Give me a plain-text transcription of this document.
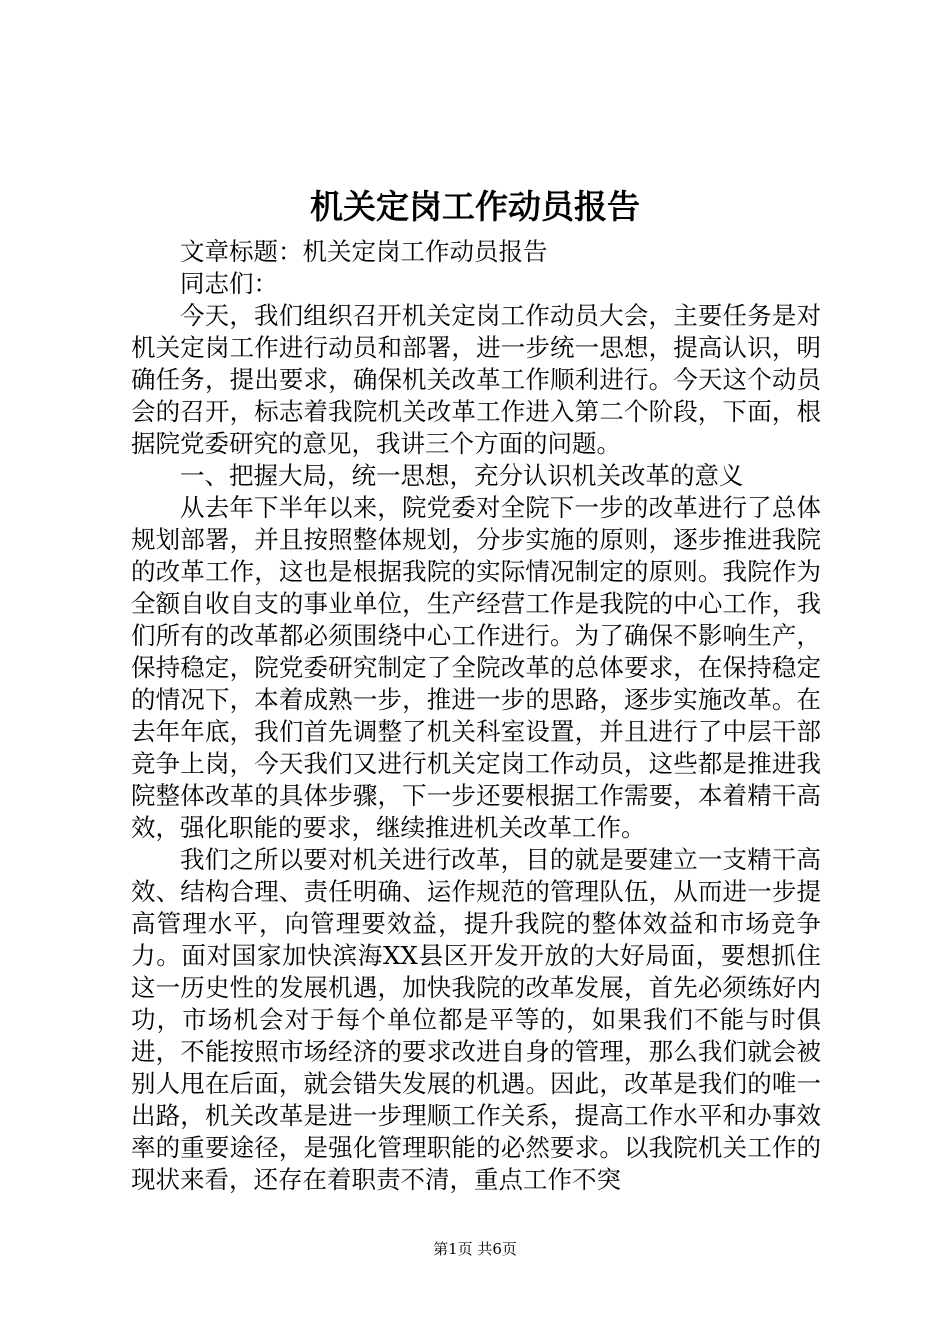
机关定岗工作动员报告

文章标题：机关定岗工作动员报告

同志们：

今天，我们组织召开机关定岗工作动员大会，主要任务是对机关定岗工作进行动员和部署，进一步统一思想，提高认识，明确任务，提出要求，确保机关改革工作顺利进行。今天这个动员会的召开，标志着我院机关改革工作进入第二个阶段，下面，根据院党委研究的意见，我讲三个方面的问题。

一、把握大局，统一思想，充分认识机关改革的意义

从去年下半年以来，院党委对全院下一步的改革进行了总体规划部署，并且按照整体规划，分步实施的原则，逐步推进我院的改革工作，这也是根据我院的实际情况制定的原则。我院作为全额自收自支的事业单位，生产经营工作是我院的中心工作，我们所有的改革都必须围绕中心工作进行。为了确保不影响生产，保持稳定，院党委研究制定了全院改革的总体要求，在保持稳定的情况下，本着成熟一步，推进一步的思路，逐步实施改革。在去年年底，我们首先调整了机关科室设置，并且进行了中层干部竞争上岗，今天我们又进行机关定岗工作动员，这些都是推进我院整体改革的具体步骤，下一步还要根据工作需要，本着精干高效，强化职能的要求，继续推进机关改革工作。

我们之所以要对机关进行改革，目的就是要建立一支精干高效、结构合理、责任明确、运作规范的管理队伍，从而进一步提高管理水平，向管理要效益，提升我院的整体效益和市场竞争力。面对国家加快滨海XX县区开发开放的大好局面，要想抓住这一历史性的发展机遇，加快我院的改革发展，首先必须练好内功，市场机会对于每个单位都是平等的，如果我们不能与时俱进，不能按照市场经济的要求改进自身的管理，那么我们就会被别人甩在后面，就会错失发展的机遇。因此，改革是我们的唯一出路，机关改革是进一步理顺工作关系，提高工作水平和办事效率的重要途径，是强化管理职能的必然要求。以我院机关工作的现状来看，还存在着职责不清，重点工作不突

第1页 共6页
